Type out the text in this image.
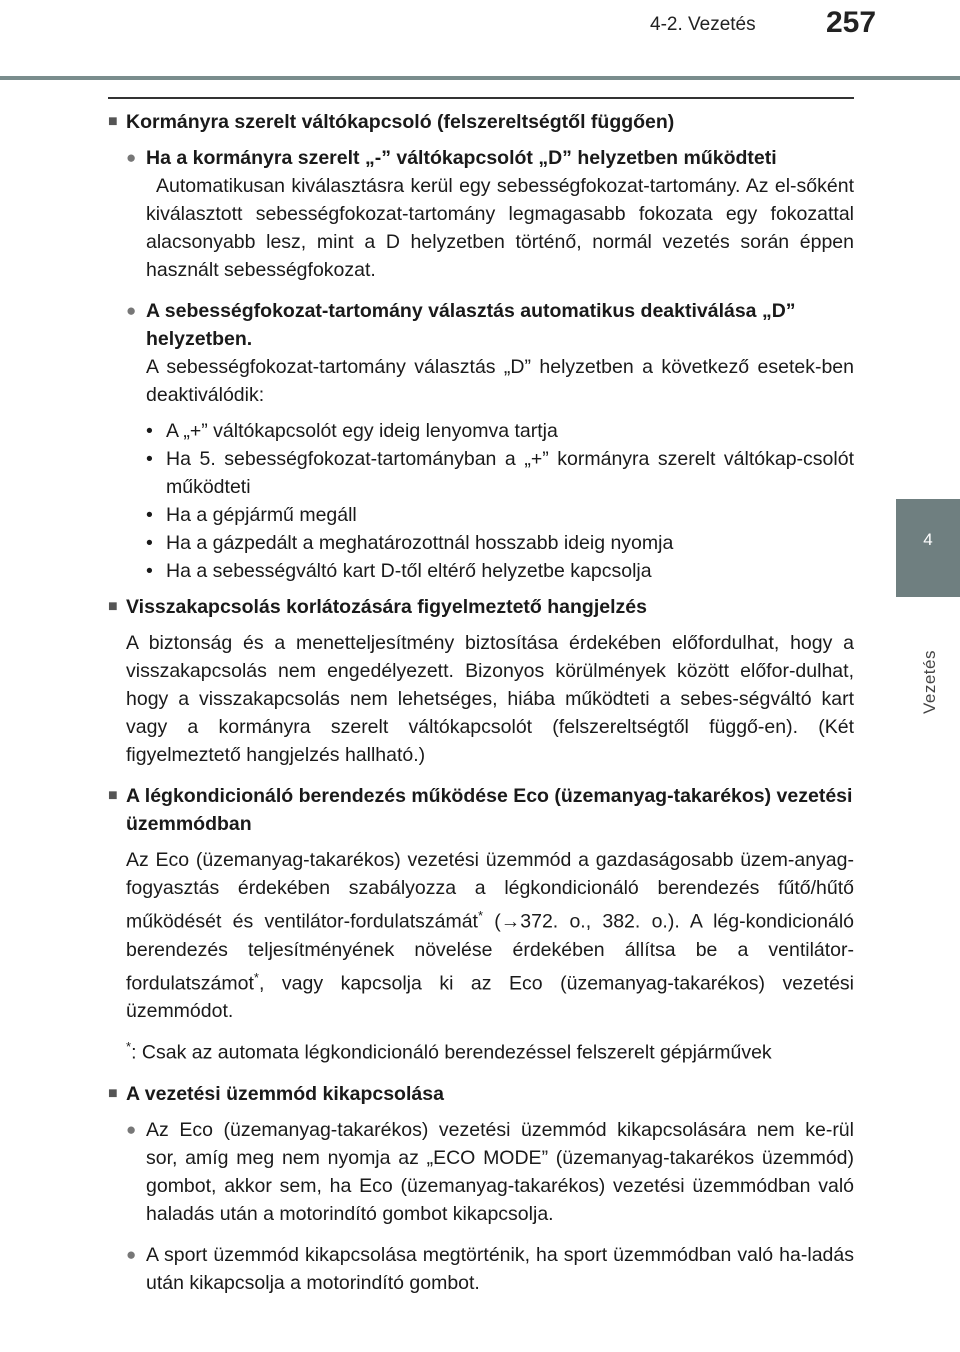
4-2. Vezetés 257
4
Vezetés

■ Kormányra szerelt váltókapcsoló (felszereltségtől függően)

● Ha a kormányra szerelt „-” váltókapcsolót „D” helyzetben működteti

Automatikusan kiválasztásra kerül egy sebességfokozat-tartomány. Az el-sőként kiválasztott sebességfokozat-tartomány legmagasabb fokozata egy fokozattal alacsonyabb lesz, mint a D helyzetben történő, normál vezetés során éppen használt sebességfokozat.

● A sebességfokozat-tartomány választás automatikus deaktiválása „D” helyzetben.

A sebességfokozat-tartomány választás „D” helyzetben a következő esetek-ben deaktiválódik:

• A „+” váltókapcsolót egy ideig lenyomva tartja

• Ha 5. sebességfokozat-tartományban a „+” kormányra szerelt váltókap-csolót működteti

• Ha a gépjármű megáll

• Ha a gázpedált a meghatározottnál hosszabb ideig nyomja

• Ha a sebességváltó kart D-től eltérő helyzetbe kapcsolja

■ Visszakapcsolás korlátozására figyelmeztető hangjelzés

A biztonság és a menetteljesítmény biztosítása érdekében előfordulhat, hogy a visszakapcsolás nem engedélyezett. Bizonyos körülmények között előfor-dulhat, hogy a visszakapcsolás nem lehetséges, hiába működteti a sebes-ségváltó kart vagy a kormányra szerelt váltókapcsolót (felszereltségtől függő-en). (Két figyelmeztető hangjelzés hallható.)

■ A légkondicionáló berendezés működése Eco (üzemanyag-takarékos) vezetési üzemmódban

Az Eco (üzemanyag-takarékos) vezetési üzemmód a gazdaságosabb üzem-anyag-fogyasztás érdekében szabályozza a légkondicionáló berendezés fűtő/hűtő működését és ventilátor-fordulatszámát* (→372. o., 382. o.). A lég-kondicionáló berendezés teljesítményének növelése érdekében állítsa be a ventilátor-fordulatszámot*, vagy kapcsolja ki az Eco (üzemanyag-takarékos) vezetési üzemmódot.

*: Csak az automata légkondicionáló berendezéssel felszerelt gépjárművek

■ A vezetési üzemmód kikapcsolása

● Az Eco (üzemanyag-takarékos) vezetési üzemmód kikapcsolására nem ke-rül sor, amíg meg nem nyomja az „ECO MODE” (üzemanyag-takarékos üzemmód) gombot, akkor sem, ha Eco (üzemanyag-takarékos) vezetési üzemmódban való haladás után a motorindító gombot kikapcsolja.

● A sport üzemmód kikapcsolása megtörténik, ha sport üzemmódban való ha-ladás után kikapcsolja a motorindító gombot.
